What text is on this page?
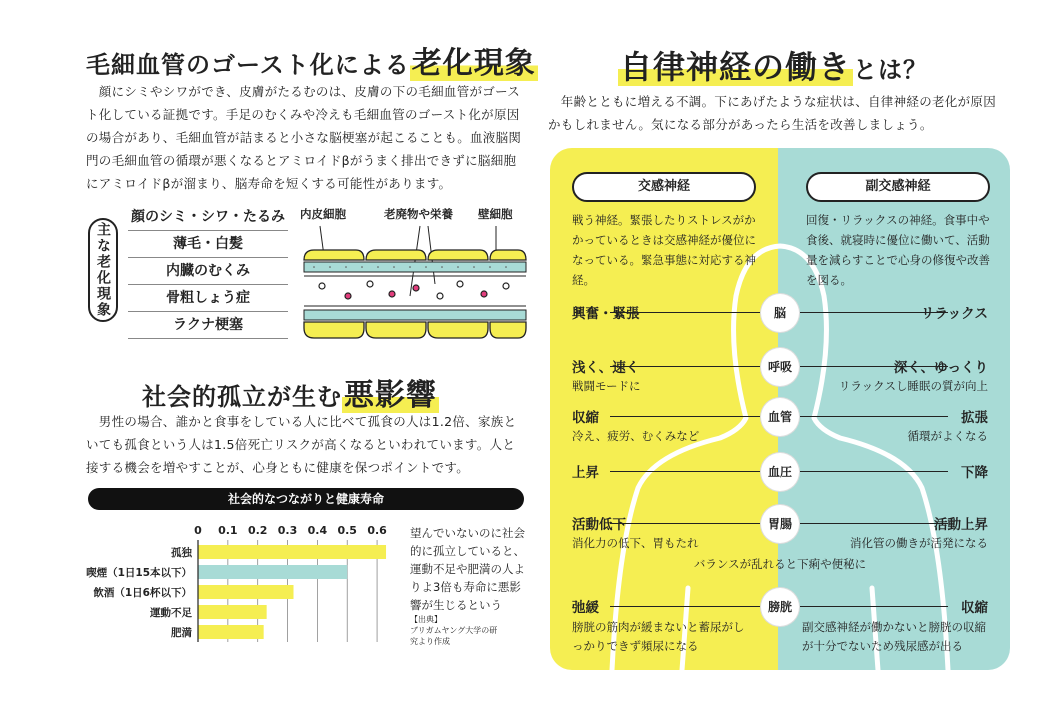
毛細血管のゴースト化による老化現象
　顔にシミやシワができ、皮膚がたるむのは、皮膚の下の毛細血管がゴースト化している証拠です。手足のむくみや冷えも毛細血管のゴースト化が原因の場合があり、毛細血管が詰まると小さな脳梗塞が起こることも。血液脳関門の毛細血管の循環が悪くなるとアミロイドβがうまく排出できずに脳細胞にアミロイドβが溜まり、脳寿命を短くする可能性があります。
主な老化現象
顔のシミ・シワ・たるみ
薄毛・白髪
内臓のむくみ
骨粗しょう症
ラクナ梗塞
内皮細胞	老廃物や栄養 壁細胞
社会的孤立が生む悪影響
　男性の場合、誰かと食事をしている人に比べて孤食の人は1.2倍、家族といても孤食という人は1.5倍死亡リスクが高くなるといわれています。人と接する機会を増やすことが、心身ともに健康を保つポイントです。
社会的なつながりと健康寿命
0 0.1 0.2 0.3 0.4 0.5 0.6
孤独
喫煙（1日15本以下）
飲酒（1日6杯以下）
運動不足
肥満
望んでいないのに社会的に孤立していると、運動不足や肥満の人よりよ3倍も寿命に悪影響が生じるという
【出典】
ブリガムヤング大学の研究より作成
自律神経の働きとは？
　年齢とともに増える不調。下にあげたような症状は、自律神経の老化が原因かもしれません。気になる部分があったら生活を改善しましょう。
交感神経	副交感神経
戦う神経。緊張したりストレスがかかっているときは交感神経が優位になっている。緊急事態に対応する神経。
回復・リラックスの神経。食事中や食後、就寝時に優位に働いて、活動量を減らすことで心身の修復や改善を図る。
脳
興奮・緊張	リラックス
呼吸
浅く、速く	深く、ゆっくり
戦闘モードに	リラックスし睡眠の質が向上
血管
収縮	拡張
冷え、疲労、むくみなど	循環がよくなる
血圧
上昇	下降
胃腸
活動低下	活動上昇
消化力の低下、胃もたれ	消化管の働きが活発になる
膀胱
弛緩	収縮
膀胱の筋肉が緩まないと蓄尿がしっかりできず頻尿になる
副交感神経が働かないと膀胱の収縮が十分でないため残尿感が出る
バランスが乱れると下痢や便秘に
